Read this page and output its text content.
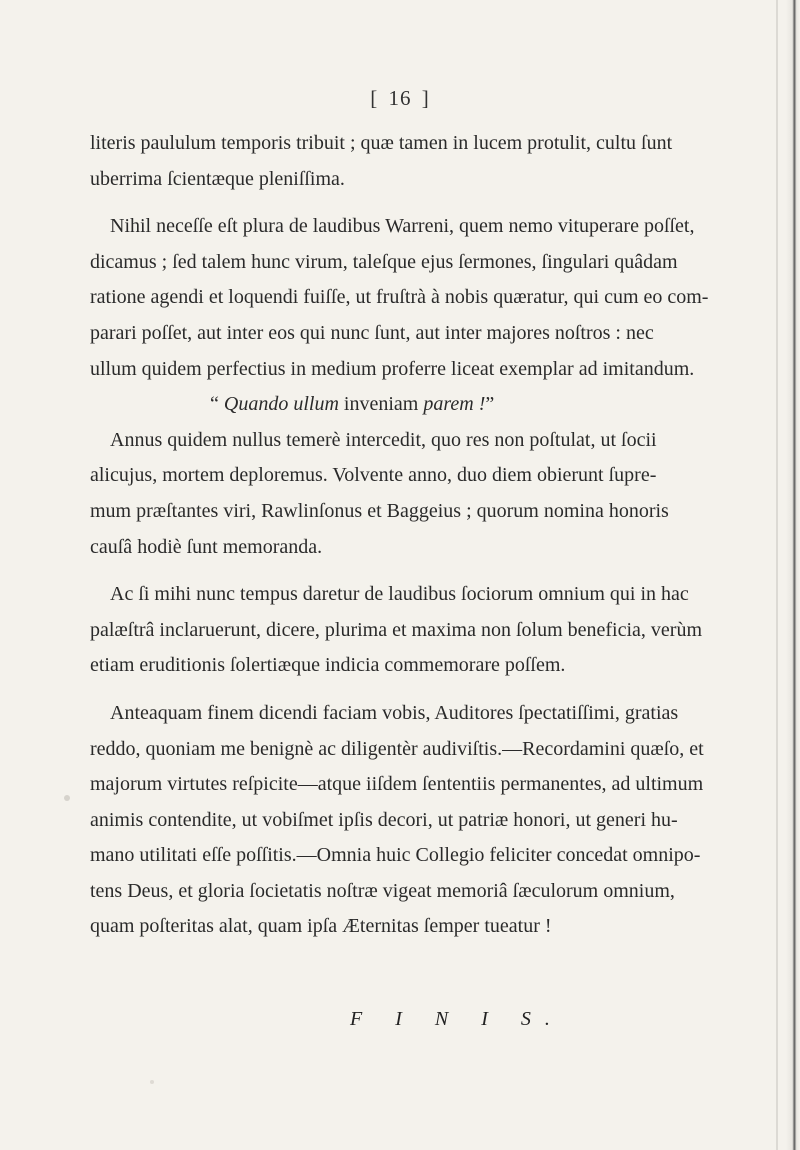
[ 16 ]

literis paululum temporis tribuit ; quæ tamen in lucem protulit, cultu ſunt
uberrima ſcientæque pleniſſima.

Nihil neceſſe eſt plura de laudibus Warreni, quem nemo vituperare poſſet,
dicamus ; ſed talem hunc virum, taleſque ejus ſermones, ſingulari quâdam
ratione agendi et loquendi fuiſſe, ut fruſtrà à nobis quæratur, qui cum eo com-
parari poſſet, aut inter eos qui nunc ſunt, aut inter majores noſtros : nec
ullum quidem perfectius in medium proferre liceat exemplar ad imitandum.

“ Quando ullum inveniam parem !”

Annus quidem nullus temerè intercedit, quo res non poſtulat, ut ſocii
alicujus, mortem deploremus. Volvente anno, duo diem obierunt ſupre-
mum præſtantes viri, Rawlinſonus et Baggeius ; quorum nomina honoris
cauſâ hodiè ſunt memoranda.

Ac ſi mihi nunc tempus daretur de laudibus ſociorum omnium qui in hac
palæſtrâ inclaruerunt, dicere, plurima et maxima non ſolum beneficia, verùm
etiam eruditionis ſolertiæque indicia commemorare poſſem.

Anteaquam finem dicendi faciam vobis, Auditores ſpectatiſſimi, gratias
reddo, quoniam me benignè ac diligentèr audiviſtis.—Recordamini quæſo, et
majorum virtutes reſpicite—atque iiſdem ſententiis permanentes, ad ultimum
animis contendite, ut vobiſmet ipſis decori, ut patriæ honori, ut generi hu-
mano utilitati eſſe poſſitis.—Omnia huic Collegio feliciter concedat omnipo-
tens Deus, et gloria ſocietatis noſtræ vigeat memoriâ ſæculorum omnium,
quam poſteritas alat, quam ipſa Æternitas ſemper tueatur !

F I N I S.
